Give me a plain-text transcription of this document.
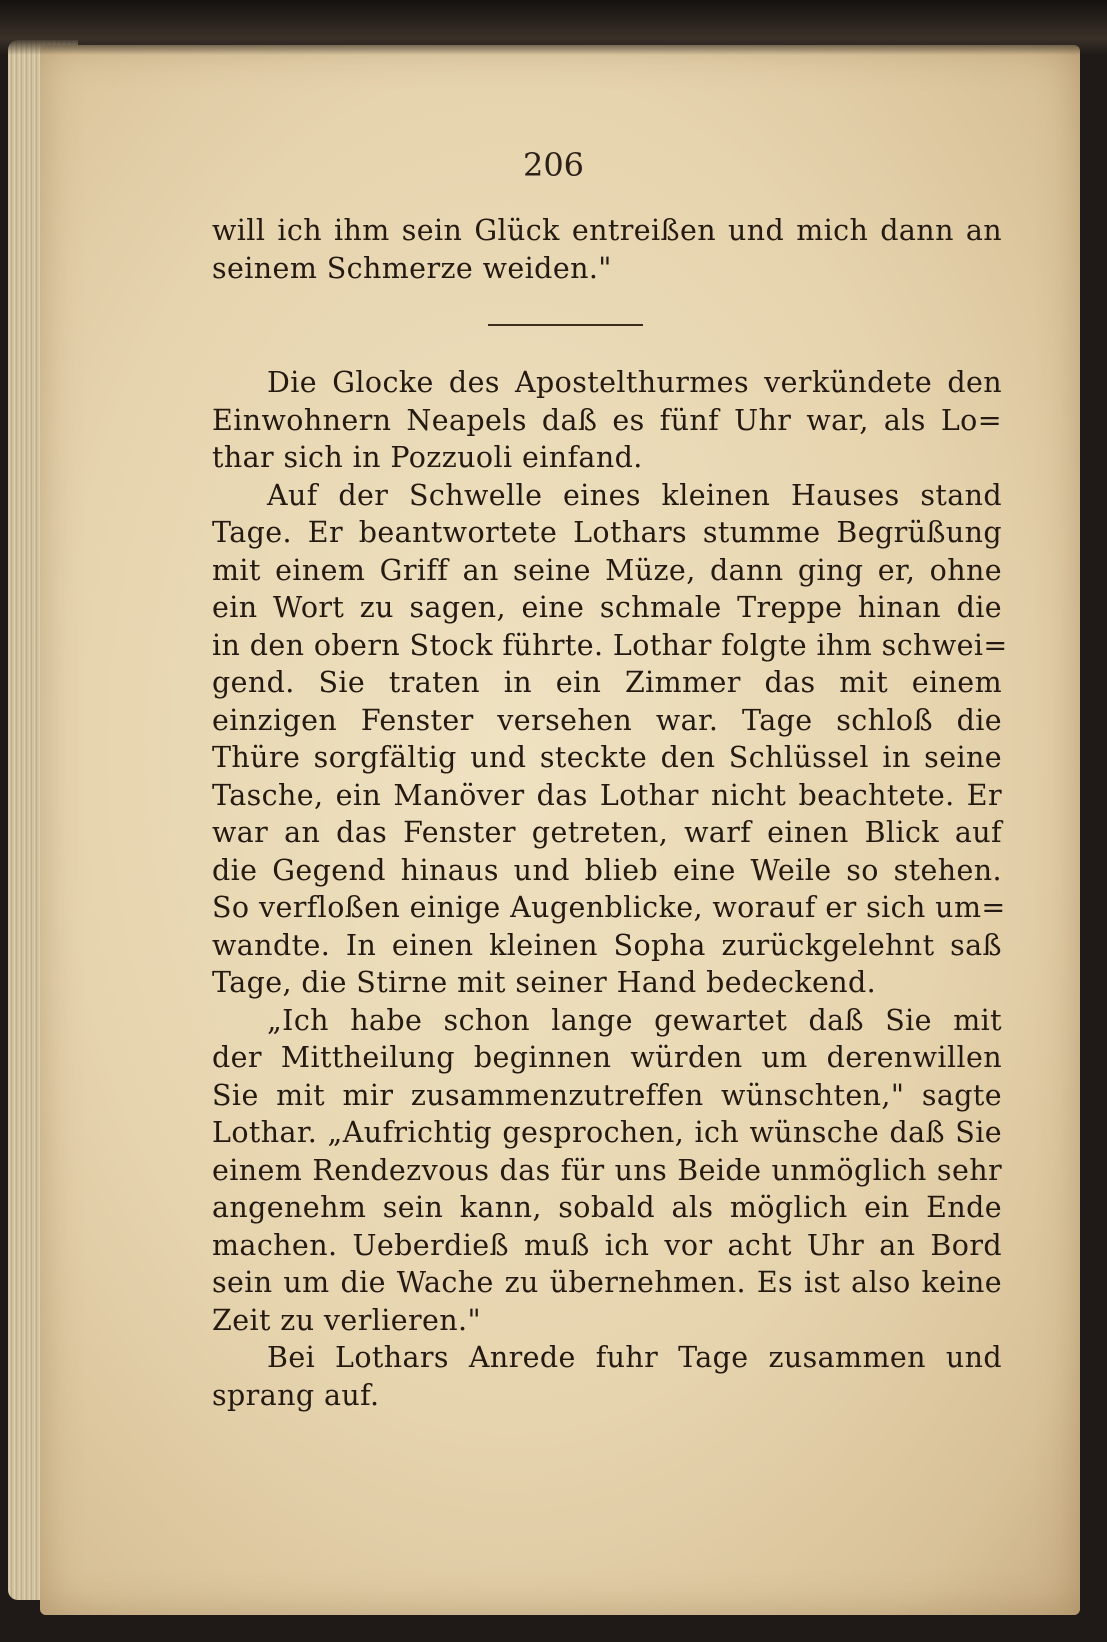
206
will ich ihm sein Glück entreißen und mich dann an
seinem Schmerze weiden."
Die Glocke des Apostelthurmes verkündete den
Einwohnern Neapels daß es fünf Uhr war, als Lo=
thar sich in Pozzuoli einfand.
Auf der Schwelle eines kleinen Hauses stand
Tage. Er beantwortete Lothars stumme Begrüßung
mit einem Griff an seine Müze, dann ging er, ohne
ein Wort zu sagen, eine schmale Treppe hinan die
in den obern Stock führte. Lothar folgte ihm schwei=
gend. Sie traten in ein Zimmer das mit einem
einzigen Fenster versehen war. Tage schloß die
Thüre sorgfältig und steckte den Schlüssel in seine
Tasche, ein Manöver das Lothar nicht beachtete. Er
war an das Fenster getreten, warf einen Blick auf
die Gegend hinaus und blieb eine Weile so stehen.
So verfloßen einige Augenblicke, worauf er sich um=
wandte. In einen kleinen Sopha zurückgelehnt saß
Tage, die Stirne mit seiner Hand bedeckend.
„Ich habe schon lange gewartet daß Sie mit
der Mittheilung beginnen würden um derenwillen
Sie mit mir zusammenzutreffen wünschten," sagte
Lothar. „Aufrichtig gesprochen, ich wünsche daß Sie
einem Rendezvous das für uns Beide unmöglich sehr
angenehm sein kann, sobald als möglich ein Ende
machen. Ueberdieß muß ich vor acht Uhr an Bord
sein um die Wache zu übernehmen. Es ist also keine
Zeit zu verlieren."
Bei Lothars Anrede fuhr Tage zusammen und
sprang auf.
